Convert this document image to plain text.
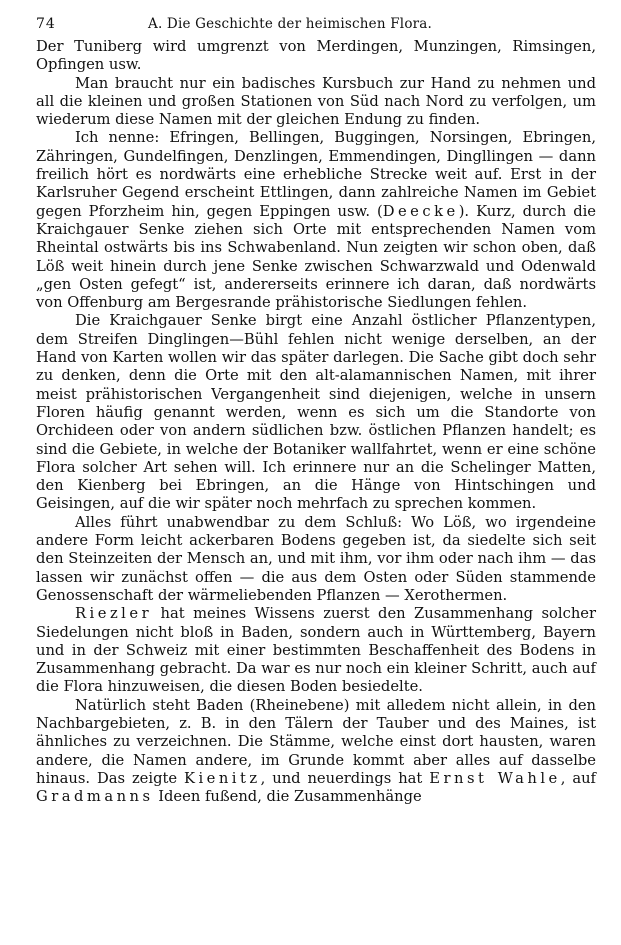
74	A. Die Geschichte der heimischen Flora.

Der Tuniberg wird umgrenzt von Merdingen, Munzingen, Rimsingen, Opfingen usw.

Man braucht nur ein badisches Kursbuch zur Hand zu nehmen und all die kleinen und großen Stationen von Süd nach Nord zu verfolgen, um wiederum diese Namen mit der gleichen Endung zu finden.

Ich nenne: Efringen, Bellingen, Buggingen, Norsingen, Ebringen, Zähringen, Gundelfingen, Denzlingen, Emmendingen, Dingllingen — dann freilich hört es nordwärts eine erhebliche Strecke weit auf. Erst in der Karlsruher Gegend erscheint Ettlingen, dann zahlreiche Namen im Gebiet gegen Pforzheim hin, gegen Eppingen usw. (Deecke). Kurz, durch die Kraichgauer Senke ziehen sich Orte mit entsprechenden Namen vom Rheintal ostwärts bis ins Schwabenland. Nun zeigten wir schon oben, daß Löß weit hinein durch jene Senke zwischen Schwarzwald und Odenwald „gen Osten gefegt“ ist, andererseits erinnere ich daran, daß nordwärts von Offenburg am Bergesrande prähistorische Siedlungen fehlen.

Die Kraichgauer Senke birgt eine Anzahl östlicher Pflanzentypen, dem Streifen Dinglingen—Bühl fehlen nicht wenige derselben, an der Hand von Karten wollen wir das später darlegen. Die Sache gibt doch sehr zu denken, denn die Orte mit den alt-alamannischen Namen, mit ihrer meist prähistorischen Vergangenheit sind diejenigen, welche in unsern Floren häufig genannt werden, wenn es sich um die Standorte von Orchideen oder von andern südlichen bzw. östlichen Pflanzen handelt; es sind die Gebiete, in welche der Botaniker wallfahrtet, wenn er eine schöne Flora solcher Art sehen will. Ich erinnere nur an die Schelinger Matten, den Kienberg bei Ebringen, an die Hänge von Hintschingen und Geisingen, auf die wir später noch mehrfach zu sprechen kommen.

Alles führt unabwendbar zu dem Schluß: Wo Löß, wo irgendeine andere Form leicht ackerbaren Bodens gegeben ist, da siedelte sich seit den Steinzeiten der Mensch an, und mit ihm, vor ihm oder nach ihm — das lassen wir zunächst offen — die aus dem Osten oder Süden stammende Genossenschaft der wärmeliebenden Pflanzen — Xerothermen.

Riezler hat meines Wissens zuerst den Zusammenhang solcher Siedelungen nicht bloß in Baden, sondern auch in Württemberg, Bayern und in der Schweiz mit einer bestimmten Beschaffenheit des Bodens in Zusammenhang gebracht. Da war es nur noch ein kleiner Schritt, auch auf die Flora hinzuweisen, die diesen Boden besiedelte.

Natürlich steht Baden (Rheinebene) mit alledem nicht allein, in den Nachbargebieten, z. B. in den Tälern der Tauber und des Maines, ist ähnliches zu verzeichnen. Die Stämme, welche einst dort hausten, waren andere, die Namen andere, im Grunde kommt aber alles auf dasselbe hinaus. Das zeigte Kienitz, und neuerdings hat Ernst Wahle, auf Gradmanns Ideen fußend, die Zusammenhänge
